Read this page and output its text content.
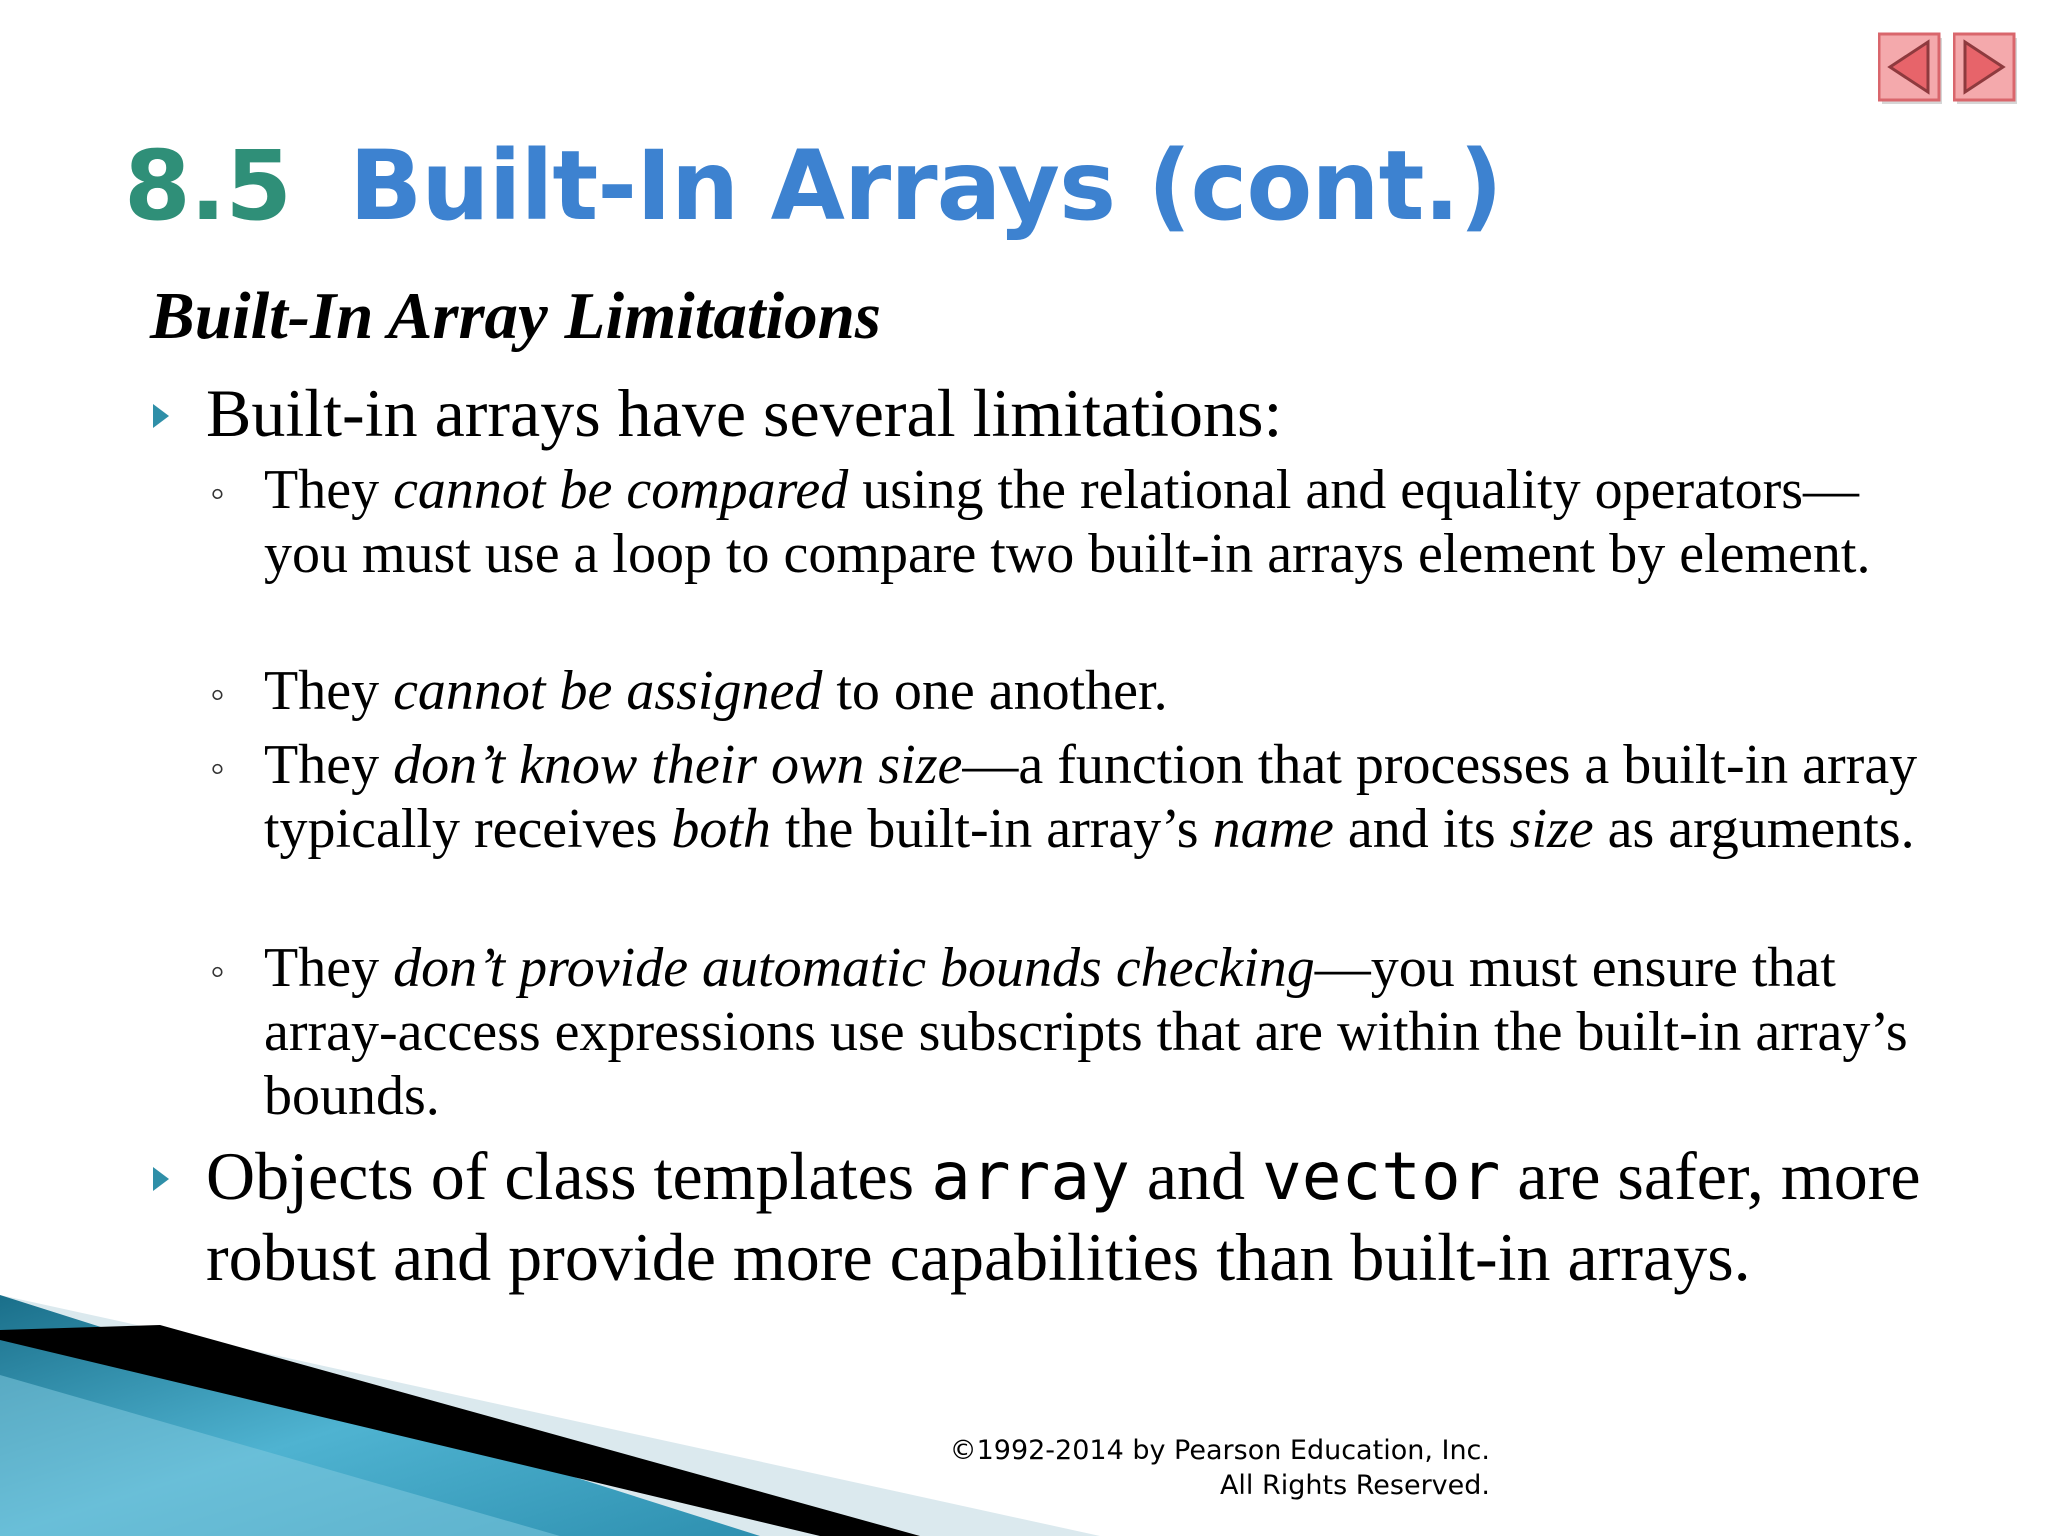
8.5 Built-In Arrays (cont.)
Built-In Array Limitations
Built-in arrays have several limitations:
◦ They cannot be compared using the relational and equality operators—you must use a loop to compare two built-in arrays element by element.
◦ They cannot be assigned to one another.
◦ They don’t know their own size—a function that processes a built-in array typically receives both the built-in array’s name and its size as arguments.
◦ They don’t provide automatic bounds checking—you must ensure that array-access expressions use subscripts that are within the built-in array’s bounds.
Objects of class templates array and vector are safer, more robust and provide more capabilities than built-in arrays.
©1992-2014 by Pearson Education, Inc.
All Rights Reserved.
